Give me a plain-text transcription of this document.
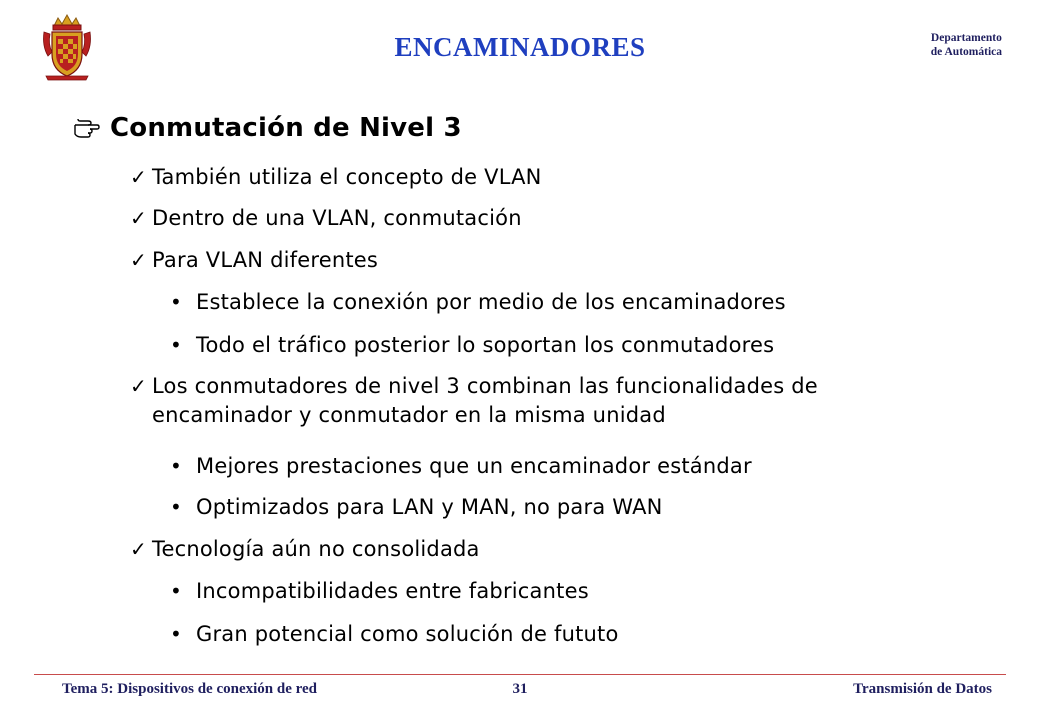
ENCAMINADORES	Departamento
de Automática
Conmutación de Nivel 3
✓ También utiliza el concepto de VLAN
✓ Dentro de una VLAN, conmutación
✓ Para VLAN diferentes
• Establece la conexión por medio de los encaminadores
• Todo el tráfico posterior lo soportan los conmutadores
✓ Los conmutadores de nivel 3 combinan las funcionalidades de encaminador y conmutador en la misma unidad
• Mejores prestaciones que un encaminador estándar
• Optimizados para LAN y MAN, no para WAN
✓ Tecnología aún no consolidada
• Incompatibilidades entre fabricantes
• Gran potencial como solución de fututo
Tema 5: Dispositivos de conexión de red	31	Transmisión de Datos
